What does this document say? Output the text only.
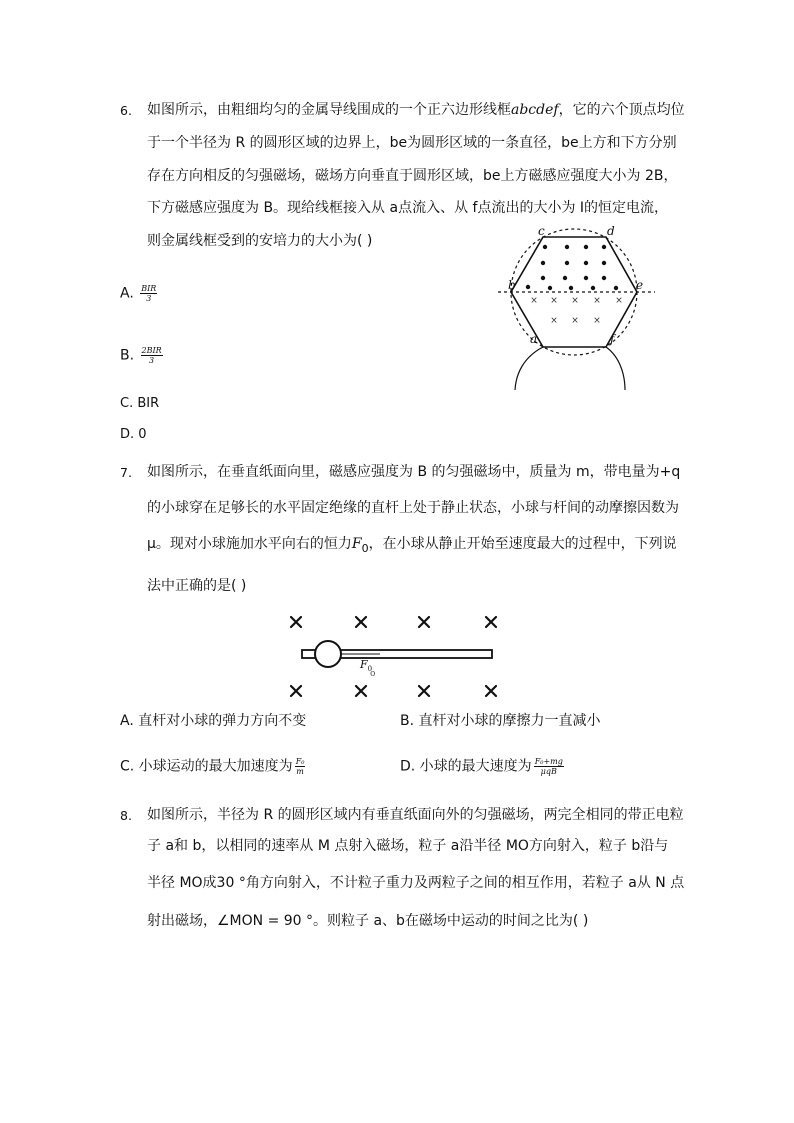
6. 如图所示，由粗细均匀的金属导线围成的一个正六边形线框abcdef，它的六个顶点均位
于一个半径为 R 的圆形区域的边界上，be为圆形区域的一条直径，be上方和下方分别
存在方向相反的匀强磁场，磁场方向垂直于圆形区域，be上方磁感应强度大小为 2B，
下方磁感应强度为 B。现给线框接入从 a点流入、从 f点流出的大小为 I的恒定电流，
则金属线框受到的安培力的大小为( )
A. $\frac{\text{BIR}}{3}$
B. $\frac{\text{2BIR}}{3}$
C. BIR
D. 0
× × × × ×
× × ×
c	d
b	e
a	f
7. 如图所示，在垂直纸面向里，磁感应强度为 B 的匀强磁场中，质量为 m，带电量为+q
的小球穿在足够长的水平固定绝缘的直杆上处于静止状态，小球与杆间的动摩擦因数为
μ。现对小球施加水平向右的恒力$F_0$，在小球从静止开始至速度最大的过程中，下列说
法中正确的是( )
$F_0$
o
A. 直杆对小球的弹力方向不变	B. 直杆对小球的摩擦力一直减小
C. 小球运动的最大加速度为 $\frac{\text{F₀}}{m}$	D. 小球的最大速度为 $\frac{\text{F₀+mg}}{\text{μqB}}$
8. 如图所示，半径为 R 的圆形区域内有垂直纸面向外的匀强磁场，两完全相同的带正电粒
子 a和 b，以相同的速率从 M 点射入磁场，粒子 a沿半径 MO方向射入，粒子 b沿与
半径 MO成30 °角方向射入，不计粒子重力及两粒子之间的相互作用，若粒子 a从 N 点
射出磁场，∠MON = 90 °。则粒子 a、b在磁场中运动的时间之比为( )
